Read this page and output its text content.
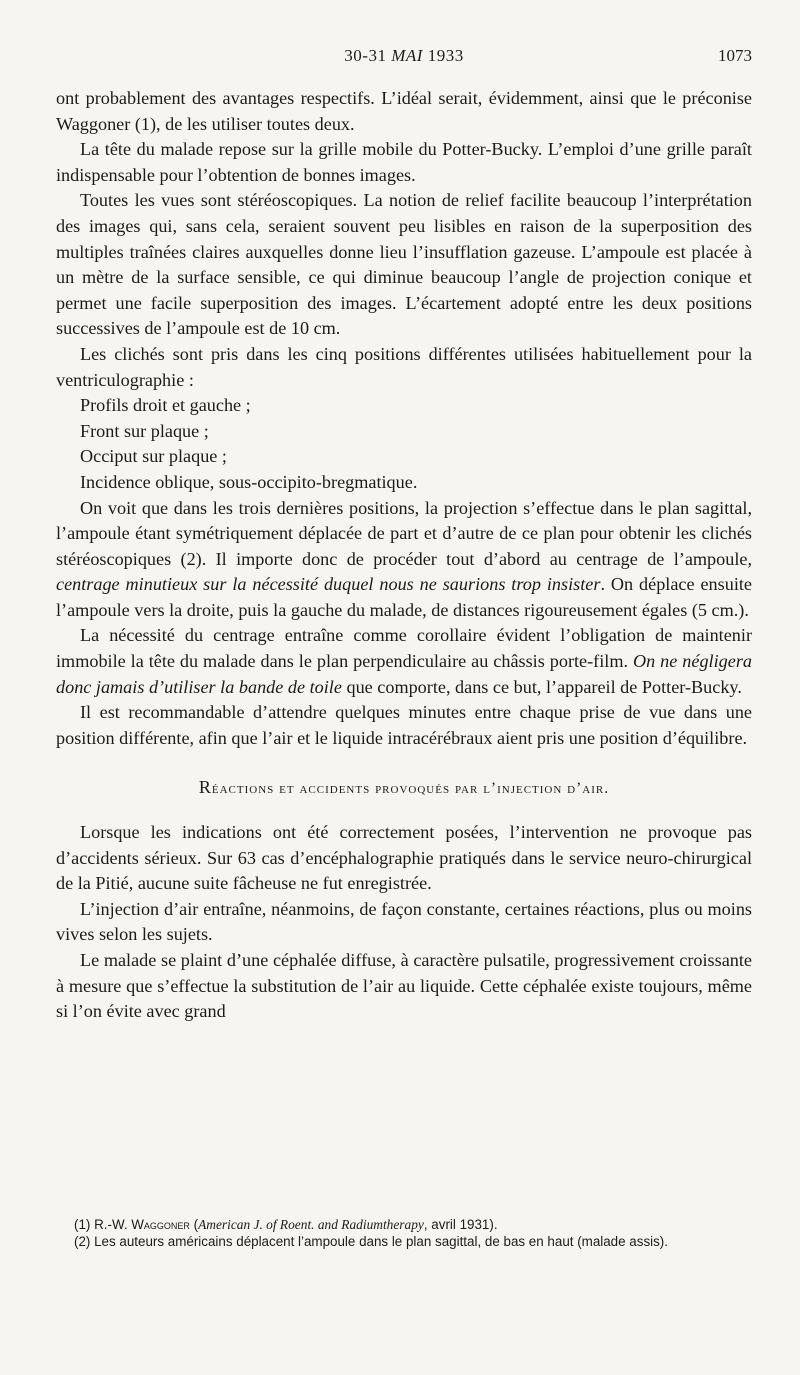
30-31 MAI 1933	1073

ont probablement des avantages respectifs. L’idéal serait, évidemment, ainsi que le préconise Waggoner (1), de les utiliser toutes deux.

La tête du malade repose sur la grille mobile du Potter-Bucky. L’emploi d’une grille paraît indispensable pour l’obtention de bonnes images.

Toutes les vues sont stéréoscopiques. La notion de relief facilite beaucoup l’interprétation des images qui, sans cela, seraient souvent peu lisibles en raison de la superposition des multiples traînées claires auxquelles donne lieu l’insufflation gazeuse. L’ampoule est placée à un mètre de la surface sensible, ce qui diminue beaucoup l’angle de projection conique et permet une facile superposition des images. L’écartement adopté entre les deux positions successives de l’ampoule est de 10 cm.

Les clichés sont pris dans les cinq positions différentes utilisées habituellement pour la ventriculographie :

Profils droit et gauche ;

Front sur plaque ;

Occiput sur plaque ;

Incidence oblique, sous-occipito-bregmatique.

On voit que dans les trois dernières positions, la projection s’effectue dans le plan sagittal, l’ampoule étant symétriquement déplacée de part et d’autre de ce plan pour obtenir les clichés stéréoscopiques (2). Il importe donc de procéder tout d’abord au centrage de l’ampoule, centrage minutieux sur la nécessité duquel nous ne saurions trop insister. On déplace ensuite l’ampoule vers la droite, puis la gauche du malade, de distances rigoureusement égales (5 cm.).

La nécessité du centrage entraîne comme corollaire évident l’obligation de maintenir immobile la tête du malade dans le plan perpendiculaire au châssis porte-film. On ne négligera donc jamais d’utiliser la bande de toile que comporte, dans ce but, l’appareil de Potter-Bucky.

Il est recommandable d’attendre quelques minutes entre chaque prise de vue dans une position différente, afin que l’air et le liquide intracérébraux aient pris une position d’équilibre.

Réactions et accidents provoqués par l’injection d’air.

Lorsque les indications ont été correctement posées, l’intervention ne provoque pas d’accidents sérieux. Sur 63 cas d’encéphalographie pratiqués dans le service neuro-chirurgical de la Pitié, aucune suite fâcheuse ne fut enregistrée.

L’injection d’air entraîne, néanmoins, de façon constante, certaines réactions, plus ou moins vives selon les sujets.

Le malade se plaint d’une céphalée diffuse, à caractère pulsatile, progressivement croissante à mesure que s’effectue la substitution de l’air au liquide. Cette céphalée existe toujours, même si l’on évite avec grand

(1) R.-W. Waggoner (American J. of Roent. and Radiumtherapy, avril 1931).

(2) Les auteurs américains déplacent l’ampoule dans le plan sagittal, de bas en haut (malade assis).
